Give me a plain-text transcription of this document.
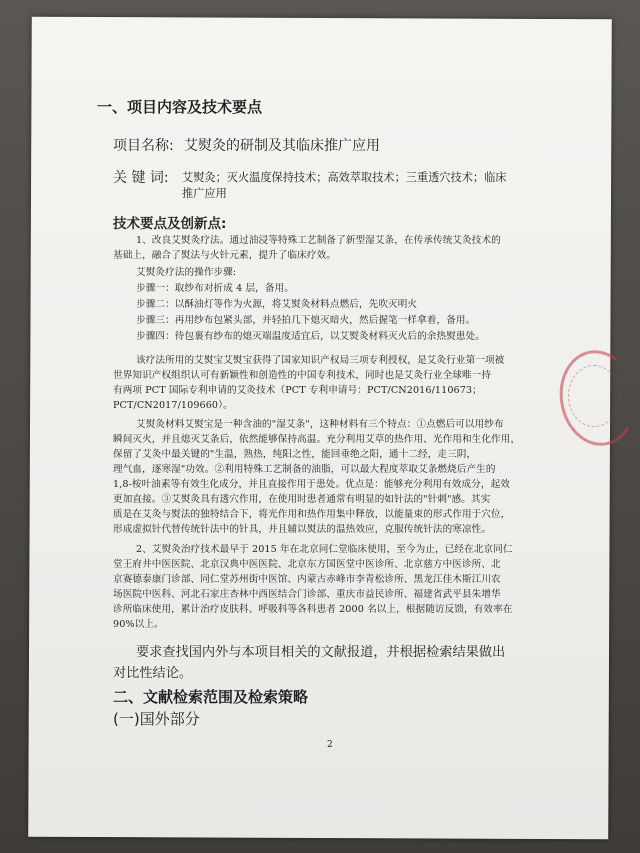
一、项目内容及技术要点
项目名称: 艾熨灸的研制及其临床推广应用
关 键 词: 艾熨灸；灭火温度保持技术；高效萃取技术；三重透穴技术；临床
推广应用
技术要点及创新点:
1、改良艾熨灸疗法。通过油浸等特殊工艺制备了新型湿艾条，在传承传统艾灸技术的
基础上，融合了熨法与火针元素，提升了临床疗效。
艾熨灸疗法的操作步骤:
步骤一：取纱布对折成 4 层，备用。
步骤二：以酥油灯等作为火源，将艾熨灸材料点燃后，先吹灭明火
步骤三：再用纱布包紧头部，并轻拍几下熄灭暗火，然后握笔一样拿着，备用。
步骤四：待包裹有纱布的熄灭端温度适宜后，以艾熨灸材料灭火后的余热熨患处。
该疗法所用的艾熨宝艾熨宝获得了国家知识产权局三项专利授权，是艾灸行业第一项被
世界知识产权组织认可有新颖性和创造性的中国专利技术，同时也是艾灸行业全球唯一持
有两项 PCT 国际专利申请的艾灸技术（PCT 专利申请号：PCT/CN2016/110673；
PCT/CN2017/109660）。
艾熨灸材料艾熨宝是一种含油的"湿艾条"，这种材料有三个特点：①点燃后可以用纱布
瞬间灭火，并且熄灭艾条后，依然能够保持高温。充分利用艾草的热作用、光作用和生化作用，
保留了艾灸中最关键的"生温，熟热，纯阳之性，能回垂绝之阳，通十二经，走三阴，
理气血，逐寒湿"功效。②利用特殊工艺制备的油脂，可以最大程度萃取艾条燃烧后产生的
1,8-桉叶油素等有效生化成分，并且直接作用于患处。优点是：能够充分利用有效成分，起效
更加直接。③艾熨灸具有透穴作用，在使用时患者通常有明显的如针法的"针刺"感。其实
质是在艾灸与熨法的独特结合下，将光作用和热作用集中释放，以能量束的形式作用于穴位，
形成虚拟针代替传统针法中的针具，并且辅以熨法的温热效应，克服传统针法的寒凉性。
2、艾熨灸治疗技术最早于 2015 年在北京同仁堂临床使用，至今为止，已经在北京同仁
堂王府井中医医院、北京汉典中医医院、北京东方国医堂中医诊所、北京慈方中医诊所、北
京赛德泰康门诊部、同仁堂苏州街中医馆、内蒙古赤峰市李青松诊所、黑龙江佳木斯江川农
场医院中医科、河北石家庄杏林中西医结合门诊部、重庆市益民诊所、福建省武平县朱增华
诊所临床使用，累计治疗皮肤科、呼吸科等各科患者 2000 名以上，根据随访反馈，有效率在
90%以上。
要求查找国内外与本项目相关的文献报道，并根据检索结果做出
对比性结论。
二、文献检索范围及检索策略
(一)国外部分
2
